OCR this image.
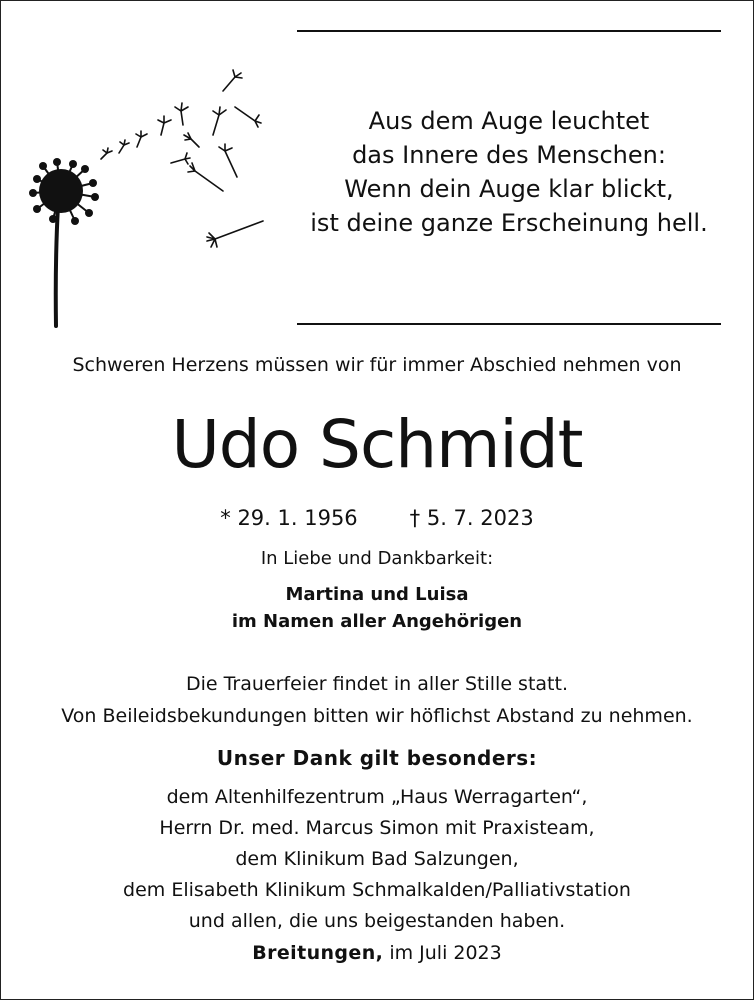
Aus dem Auge leuchtet
das Innere des Menschen:
Wenn dein Auge klar blickt,
ist deine ganze Erscheinung hell.
Schweren Herzens müssen wir für immer Abschied nehmen von
Udo Schmidt
* 29. 1. 1956 † 5. 7. 2023
In Liebe und Dankbarkeit:
Martina und Luisa
im Namen aller Angehörigen
Die Trauerfeier findet in aller Stille statt.
Von Beileidsbekundungen bitten wir höflichst Abstand zu nehmen.
Unser Dank gilt besonders:
dem Altenhilfezentrum „Haus Werragarten“,
Herrn Dr. med. Marcus Simon mit Praxisteam,
dem Klinikum Bad Salzungen,
dem Elisabeth Klinikum Schmalkalden/Palliativstation
und allen, die uns beigestanden haben.
Breitungen, im Juli 2023
